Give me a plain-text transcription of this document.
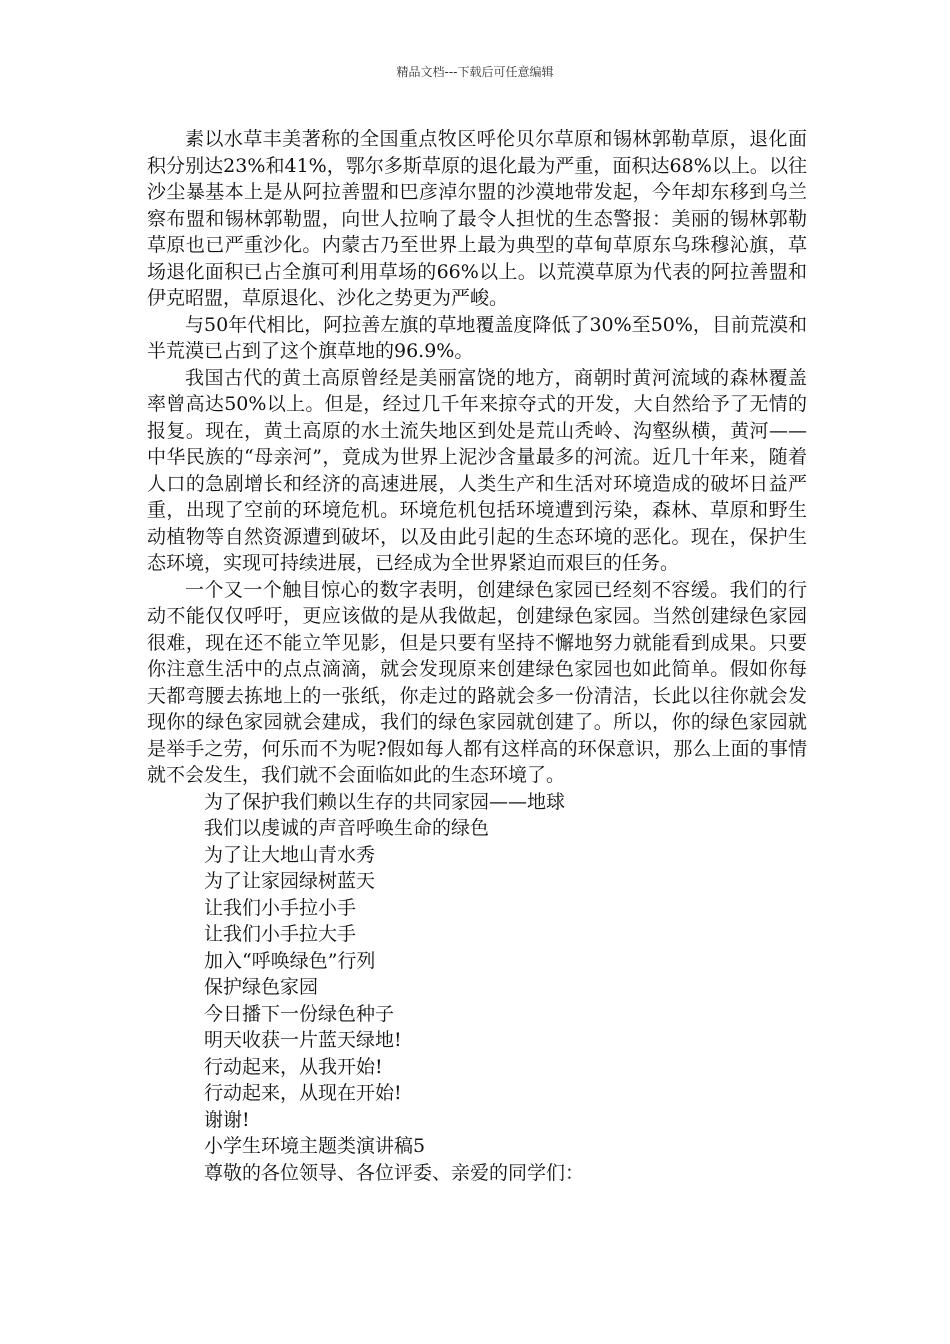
精品文档---下载后可任意编辑

素以水草丰美著称的全国重点牧区呼伦贝尔草原和锡林郭勒草原，退化面积分别达23%和41%，鄂尔多斯草原的退化最为严重，面积达68%以上。以往沙尘暴基本上是从阿拉善盟和巴彦淖尔盟的沙漠地带发起，今年却东移到乌兰察布盟和锡林郭勒盟，向世人拉响了最令人担忧的生态警报：美丽的锡林郭勒草原也已严重沙化。内蒙古乃至世界上最为典型的草甸草原东乌珠穆沁旗，草场退化面积已占全旗可利用草场的66%以上。以荒漠草原为代表的阿拉善盟和伊克昭盟，草原退化、沙化之势更为严峻。

与50年代相比，阿拉善左旗的草地覆盖度降低了30%至50%，目前荒漠和半荒漠已占到了这个旗草地的96.9%。

我国古代的黄土高原曾经是美丽富饶的地方，商朝时黄河流域的森林覆盖率曾高达50%以上。但是，经过几千年来掠夺式的开发，大自然给予了无情的报复。现在，黄土高原的水土流失地区到处是荒山秃岭、沟壑纵横，黄河——中华民族的“母亲河”，竟成为世界上泥沙含量最多的河流。近几十年来，随着人口的急剧增长和经济的高速进展，人类生产和生活对环境造成的破坏日益严重，出现了空前的环境危机。环境危机包括环境遭到污染，森林、草原和野生动植物等自然资源遭到破坏，以及由此引起的生态环境的恶化。现在，保护生态环境，实现可持续进展，已经成为全世界紧迫而艰巨的任务。

一个又一个触目惊心的数字表明，创建绿色家园已经刻不容缓。我们的行动不能仅仅呼吁，更应该做的是从我做起，创建绿色家园。当然创建绿色家园很难，现在还不能立竿见影，但是只要有坚持不懈地努力就能看到成果。只要你注意生活中的点点滴滴，就会发现原来创建绿色家园也如此简单。假如你每天都弯腰去拣地上的一张纸，你走过的路就会多一份清洁，长此以往你就会发现你的绿色家园就会建成，我们的绿色家园就创建了。所以，你的绿色家园就是举手之劳，何乐而不为呢?假如每人都有这样高的环保意识，那么上面的事情就不会发生，我们就不会面临如此的生态环境了。

为了保护我们赖以生存的共同家园——地球

我们以虔诚的声音呼唤生命的绿色

为了让大地山青水秀

为了让家园绿树蓝天

让我们小手拉小手

让我们小手拉大手

加入“呼唤绿色”行列

保护绿色家园

今日播下一份绿色种子

明天收获一片蓝天绿地!

行动起来，从我开始!

行动起来，从现在开始!

谢谢!

小学生环境主题类演讲稿5

尊敬的各位领导、各位评委、亲爱的同学们：
